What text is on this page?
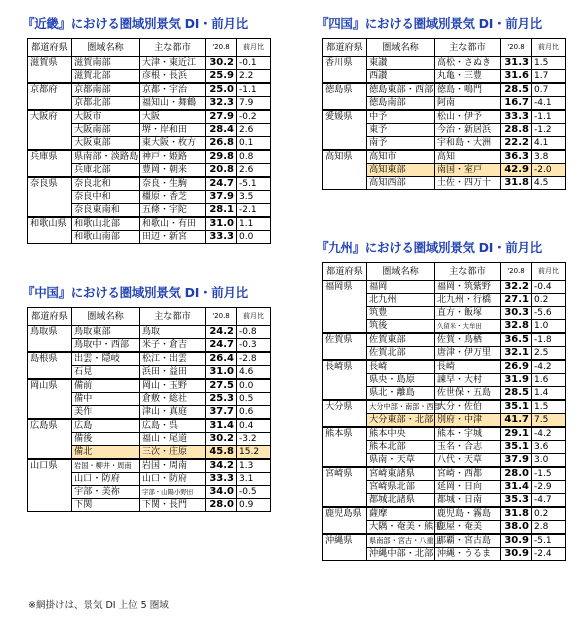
『近畿』における圏域別景気 DI・前月比
都道府県	圏域名称	主な都市	'20.8	前月比
滋賀県	滋賀南部	大津・東近江	30.2	-0.1
	滋賀北部	彦根・長浜	25.9	2.2
京都府	京都南部	京都・宇治	25.0	-1.1
	京都北部	福知山・舞鶴	32.3	7.9
大阪府	大阪市	大阪	27.9	-0.2
	大阪南部	堺・岸和田	28.4	2.6
	大阪東部	東大阪・枚方	26.8	0.1
兵庫県	県南部・淡路島	神戸・姫路	29.8	0.8
	兵庫北部	豊岡・朝来	20.8	2.6
奈良県	奈良北和	奈良・生駒	24.7	-5.1
	奈良中和	橿原・香芝	37.9	3.5
	奈良東南和	五條・宇陀	28.1	-2.1
和歌山県	和歌山北部	和歌山・有田	31.0	1.1
	和歌山南部	田辺・新宮	33.3	0.0
『四国』における圏域別景気 DI・前月比
都道府県	圏域名称	主な都市	'20.8	前月比
香川県	東讃	高松・さぬき	31.3	1.5
	西讃	丸亀・三豊	31.6	1.7
徳島県	徳島東部・西部	徳島・鳴門	28.5	0.7
	徳島南部	阿南	16.7	-4.1
愛媛県	中予	松山・伊予	33.3	-1.1
	東予	今治・新居浜	28.8	-1.2
	南予	宇和島・大洲	22.2	4.1
高知県	高知市	高知	36.3	3.8
	高知東部	南国・室戸	42.9	-2.0
	高知西部	土佐・四万十	31.8	4.5
『中国』における圏域別景気 DI・前月比
都道府県	圏域名称	主な都市	'20.8	前月比
鳥取県	鳥取東部	鳥取	24.2	-0.8
	鳥取中・西部	米子・倉吉	24.7	-0.3
島根県	出雲・隠岐	松江・出雲	26.4	-2.8
	石見	浜田・益田	31.0	4.6
岡山県	備前	岡山・玉野	27.5	0.0
	備中	倉敷・総社	25.3	0.5
	美作	津山・真庭	37.7	0.6
広島県	広島	広島・呉	31.4	0.4
	備後	福山・尾道	30.2	-3.2
	備北	三次・庄原	45.8	15.2
山口県	岩国・柳井・周南	岩国・周南	34.2	1.3
	山口・防府	山口・防府	33.3	3.1
	宇部・美祢	宇部・山陽小野田	34.0	-0.5
	下関	下関・長門	28.0	0.9
『九州』における圏域別景気 DI・前月比
都道府県	圏域名称	主な都市	'20.8	前月比
福岡県	福岡	福岡・筑紫野	32.2	-0.4
	北九州	北九州・行橋	27.1	0.2
	筑豊	直方・飯塚	30.3	-5.6
	筑後	久留米・大牟田	32.8	1.0
佐賀県	佐賀東部	佐賀・鳥栖	36.5	-1.8
	佐賀北部	唐津・伊万里	32.1	2.5
長崎県	長崎	長崎	26.9	-4.2
	県央・島原	諫早・大村	31.9	1.6
	県北・離島	佐世保・五島	28.5	1.4
大分県	大分中部・南部・西部	大分・佐伯	35.1	1.5
	大分東部・北部	別府・中津	41.7	7.5
熊本県	熊本中央	熊本・宇城	29.1	-4.2
	熊本北部	玉名・合志	35.1	3.6
	県南・天草	八代・天草	37.9	3.0
宮崎県	宮崎東諸県	宮崎・西都	28.0	-1.5
	宮崎県北部	延岡・日向	31.4	-2.9
	都城北諸県	都城・日南	35.3	-4.7
鹿児島県	薩摩	鹿児島・霧島	31.8	0.2
	大隅・奄美・熊毛	鹿屋・奄美	38.0	2.8
沖縄県	県南部・宮古・八重山	那覇・宮古島	30.9	-5.1
	沖縄中部・北部	沖縄・うるま	30.9	-2.4
※網掛けは、景気 DI 上位 5 圏域
